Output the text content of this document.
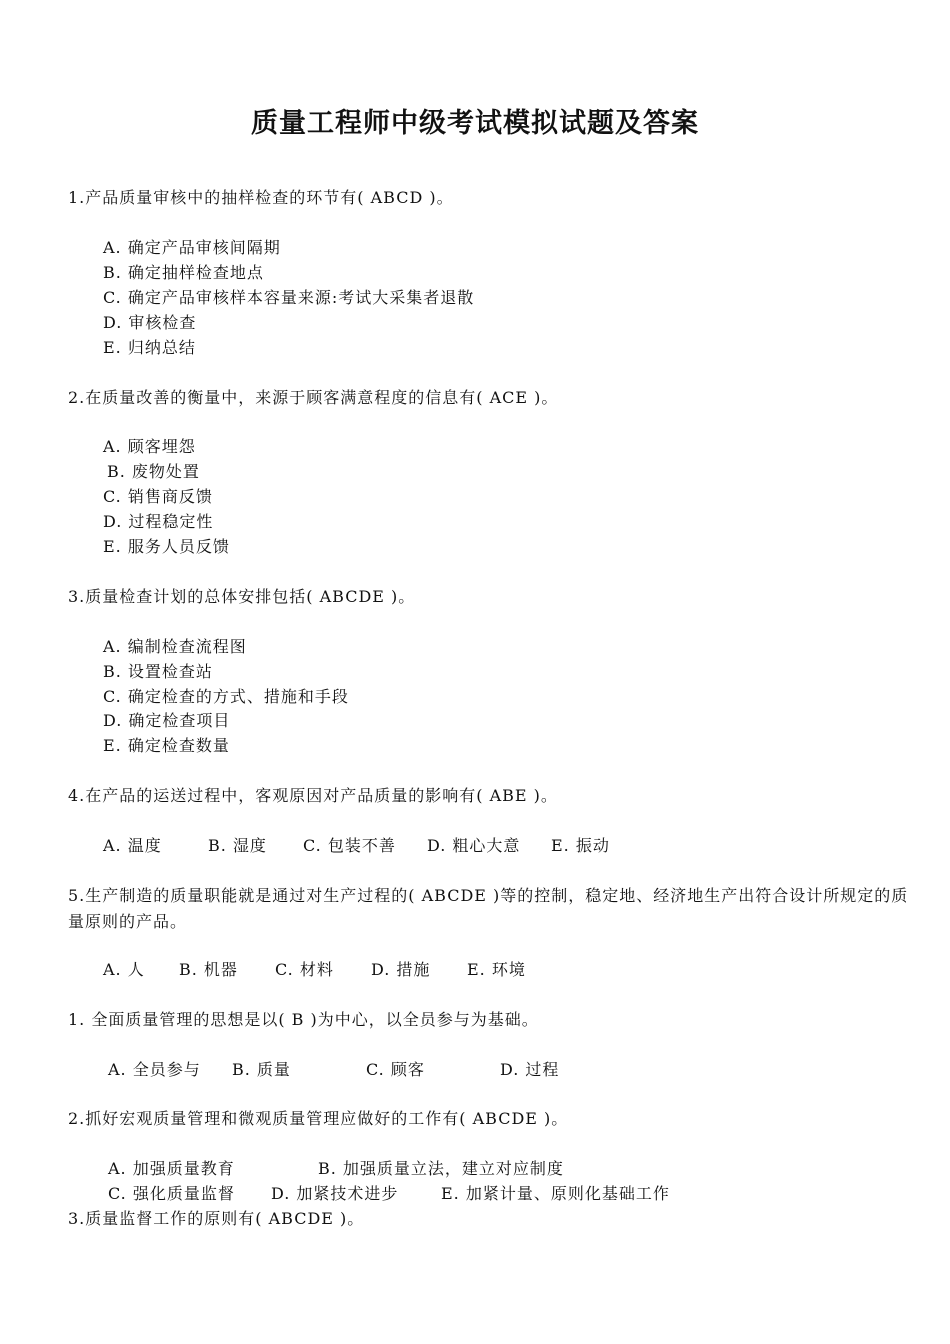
质量工程师中级考试模拟试题及答案
1.产品质量审核中的抽样检查的环节有( ABCD )。
A. 确定产品审核间隔期
B. 确定抽样检查地点
C. 确定产品审核样本容量来源:考试大采集者退散
D. 审核检查
E. 归纳总结
2.在质量改善的衡量中，来源于顾客满意程度的信息有( ACE )。
A. 顾客埋怨
B. 废物处置
C. 销售商反馈
D. 过程稳定性
E. 服务人员反馈
3.质量检查计划的总体安排包括( ABCDE )。
A. 编制检查流程图
B. 设置检查站
C. 确定检查的方式、措施和手段
D. 确定检查项目
E. 确定检查数量
4.在产品的运送过程中，客观原因对产品质量的影响有( ABE )。
A. 温度	B. 湿度 C. 包装不善 D. 粗心大意 E. 振动
5.生产制造的质量职能就是通过对生产过程的( ABCDE )等的控制，稳定地、经济地生产出符合设计所规定的质量原则的产品。
A. 人 B. 机器 C. 材料 D. 措施 E. 环境
1. 全面质量管理的思想是以( B )为中心，以全员参与为基础。
A. 全员参与 B. 质量	C. 顾客	D. 过程
2.抓好宏观质量管理和微观质量管理应做好的工作有( ABCDE )。
A. 加强质量教育	B. 加强质量立法，建立对应制度
C. 强化质量监督 D. 加紧技术进步	E. 加紧计量、原则化基础工作
3.质量监督工作的原则有( ABCDE )。
